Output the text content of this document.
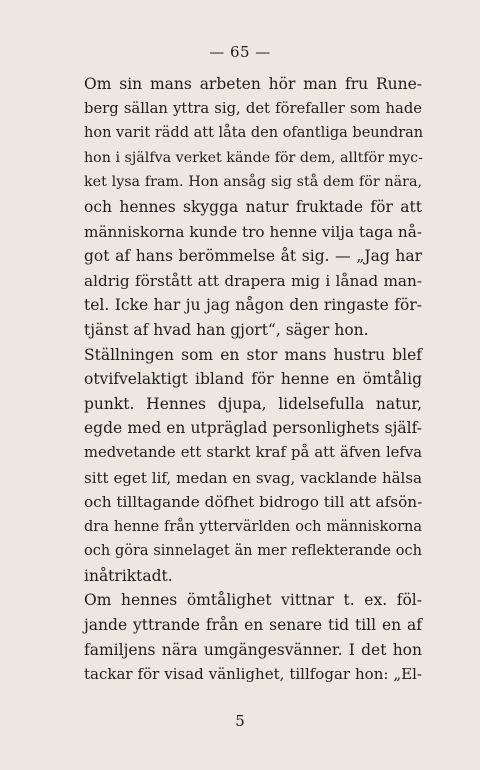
— 65 —
Om sin mans arbeten hör man fru Rune-
berg sällan yttra sig, det förefaller som hade
hon varit rädd att låta den ofantliga beundran
hon i själfva verket kände för dem, alltför myc-
ket lysa fram. Hon ansåg sig stå dem för nära,
och hennes skygga natur fruktade för att
människorna kunde tro henne vilja taga nå-
got af hans berömmelse åt sig. — „Jag har
aldrig förstått att drapera mig i lånad man-
tel. Icke har ju jag någon den ringaste för-
tjänst af hvad han gjort“, säger hon.
Ställningen som en stor mans hustru blef
otvifvelaktigt ibland för henne en ömtålig
punkt. Hennes djupa, lidelsefulla natur,
egde med en utpräglad personlighets själf-
medvetande ett starkt kraf på att äfven lefva
sitt eget lif, medan en svag, vacklande hälsa
och tilltagande döfhet bidrogo till att afsön-
dra henne från yttervärlden och människorna
och göra sinnelaget än mer reflekterande och
inåtriktadt.
Om hennes ömtålighet vittnar t. ex. föl-
jande yttrande från en senare tid till en af
familjens nära umgängesvänner. I det hon
tackar för visad vänlighet, tillfogar hon: „El-
5
